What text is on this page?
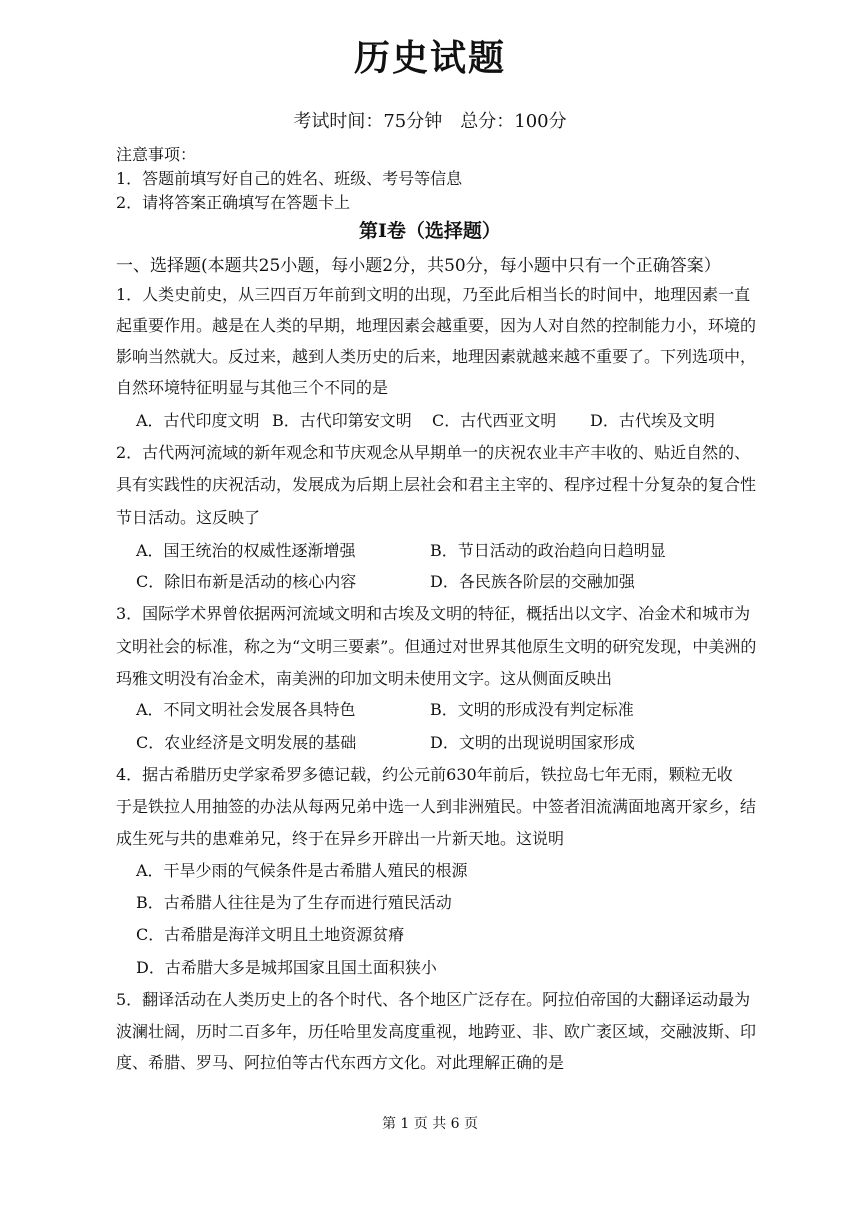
历史试题
考试时间：75分钟　总分：100分
注意事项：
1．答题前填写好自己的姓名、班级、考号等信息
2．请将答案正确填写在答题卡上
第Ⅰ卷（选择题）
一、选择题(本题共25小题，每小题2分，共50分，每小题中只有一个正确答案）
1．人类史前史，从三四百万年前到文明的出现，乃至此后相当长的时间中，地理因素一直
起重要作用。越是在人类的早期，地理因素会越重要，因为人对自然的控制能力小，环境的
影响当然就大。反过来，越到人类历史的后来，地理因素就越来越不重要了。下列选项中，
自然环境特征明显与其他三个不同的是
A．古代印度文明 B．古代印第安文明 C．古代西亚文明 D．古代埃及文明
2．古代两河流域的新年观念和节庆观念从早期单一的庆祝农业丰产丰收的、贴近自然的、
具有实践性的庆祝活动，发展成为后期上层社会和君主主宰的、程序过程十分复杂的复合性
节日活动。这反映了
A．国王统治的权威性逐渐增强	B．节日活动的政治趋向日趋明显
C．除旧布新是活动的核心内容	D．各民族各阶层的交融加强
3．国际学术界曾依据两河流域文明和古埃及文明的特征，概括出以文字、冶金术和城市为
文明社会的标准，称之为“文明三要素”。但通过对世界其他原生文明的研究发现，中美洲的
玛雅文明没有冶金术，南美洲的印加文明未使用文字。这从侧面反映出
A．不同文明社会发展各具特色	B．文明的形成没有判定标准
C．农业经济是文明发展的基础	D．文明的出现说明国家形成
4．据古希腊历史学家希罗多德记载，约公元前630年前后，铁拉岛七年无雨，颗粒无收
于是铁拉人用抽签的办法从每两兄弟中选一人到非洲殖民。中签者泪流满面地离开家乡，结
成生死与共的患难弟兄，终于在异乡开辟出一片新天地。这说明
A．干旱少雨的气候条件是古希腊人殖民的根源
B．古希腊人往往是为了生存而进行殖民活动
C．古希腊是海洋文明且土地资源贫瘠
D．古希腊大多是城邦国家且国土面积狭小
5．翻译活动在人类历史上的各个时代、各个地区广泛存在。阿拉伯帝国的大翻译运动最为
波澜壮阔，历时二百多年，历任哈里发高度重视，地跨亚、非、欧广袤区域，交融波斯、印
度、希腊、罗马、阿拉伯等古代东西方文化。对此理解正确的是
第 1 页 共 6 页
